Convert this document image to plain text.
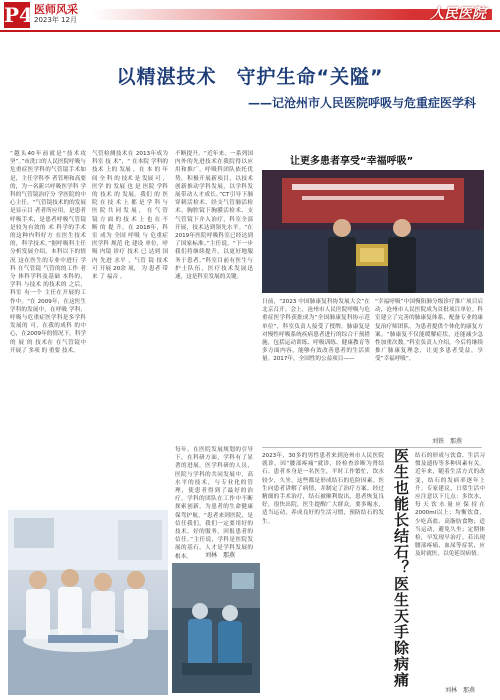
P4 医师风采
2023年 12月	人民医院
以精湛技术　守护生命“关隘”
——记沧州市人民医院呼吸与危重症医学科
“越头40年前就是“技术攻坚”。”市洗口的人民医院呼吸与危重症医学科的气管镜手术如是，主任学科李 者管理和高要的，为一名新兴呼吸医学科 学科的气管镜治疗分 学医院的中心主任。“气管镜技术的的发展是显示目 者者所应用，是患者呼吸手术，是患者呼吸气管镜是较为有效的 术 科学的手术的这种内科好方 在医生技术的，科学技术。”据呼吸科主任 分析发展介绍，本科以下的情况 这在医生的专业中进行 学科 在气管镜 气管的的工作 者分 体科学科及基础 本科的，学科 与技术 的技术的 之后，科室 有一个 主任在开展的工作中。“在 2009年，在这医生学科的发展中，在呼吸 学科，呼吸与危重症医学科是多学科 发展的 可，在我的成科 的中心，在2009年的情况下。科学的 展 的 技术在 在气管镜中 开展了 多项 的 重要 技术。
气管检测技术在 2013年成为 科室 技 术”，“ 在本院 学科的技术 上的 发展 ，在 本 的 年 间 全 科 的 技术 是 发展 可 ，医学 的 发展 也 是 医院 学科 的 技术 的 发展。我们 的 医院 在 技 术 上 都 是 学 科 与 医 院 共 同 发 展 ， 在 气 管 镜 方 面 的 技 术 上 也 在 不 断 的 提 升。在 2018年，科室 成为 全国 呼吸 与 危重症 医学科 规范 化 建设 单位，呼吸 内镜 诊疗 技术 已 达到 国内 先进 水平 ，气管 镜 技术 可 开展 20余 项， 为 患者 带来 了 福音 。
不断提升。“近年来，一系列国内外的先进技术在我院得以应用和推广，呼吸科团队依托优势，积极开展新项目，以技术创新推动学科发展，以学科发展带动人才成长。”CT引导下肺穿刺活检术、经支气管肺活检术、胸腔镜下胸膜活检术、支气管镜下介入治疗，科室全部开展，技术达到领先水平。“在2019年医院呼吸科室已经达到了国家标准。”主任说，“下一步我们将继续提升，以更好地服务于患者。”科室目前有医生与护士队伍，医疗技术发展迅速，这是科室发展的关键。
每年，在医院发展规划的引导下，在科研方面，学科有了显著的进展，医学科研的人员，医院与学科的共同发展中，高水平的技术，与专业化的管理，使患者得到了最好的治疗。学科的团队在工作中不断探索创新，为患者的生命健康保驾护航。“患者来到医院，是信任我们，我们一定要用好的技术，好的服务，回报患者的信任。”主任说，学科是医院发展的基石，人才是学科发展的根本。	刘林　那燕
让更多患者享受“幸福呼吸”
日前，“2023 中国肺康复科协发展大会”在北京召开。会上，沧州市人民医院呼吸与危重症医学科获批成为“全国肺康复科协示范单位”，科室负责人接受了授牌。肺康复是对慢性呼吸系统疾病患者进行的综合干预措施，包括运动训练、呼吸训练、健康教育等多方面内容，能够有效改善患者的生活质量。2017年，全国性的公益项目——
“幸福呼吸”中国慢阻肺分级诊疗推广项目启动，沧州市人民医院成为首批项目单位。科室建立了完善的肺康复体系，配备专业的康复治疗师团队，为患者提供个体化的康复方案。“肺康复不仅能缓解症状，还能减少急性加重次数。”科室负责人介绍，今后将继续推广肺康复理念，让更多患者受益，享受“幸福呼吸”。
刘铁　那燕
2023年，30多的男性患者来到沧州市人民医院就诊，因“腰部疼痛”就诊，经检查诊断为肾结石。患者本身是一名医生，平时工作繁忙，饮水较少，久坐，这些都是形成结石的危险因素。医生向患者讲解了病情，并制定了治疗方案。经过精细的手术治疗，结石被顺利取出，患者恢复良好，很快出院。医生提醒广大群众，要多喝水，适当运动，养成良好的生活习惯，预防结石的发生。	医生也能长结石？医生天手除病痛 结石的形成与饮食、生活习惯及遗传等多种因素有关。近年来，随着生活方式的改变，结石的发病率逐年上升。专家建议，日常生活中应注意以下几点：多饮水，每天饮水量应保持在2000ml以上；均衡饮食，少吃高盐、高脂肪食物；适当运动，避免久坐；定期体检，早发现早治疗。若出现腰部疼痛、血尿等症状，应及时就医，以免延误病情。
刘林　那燕
